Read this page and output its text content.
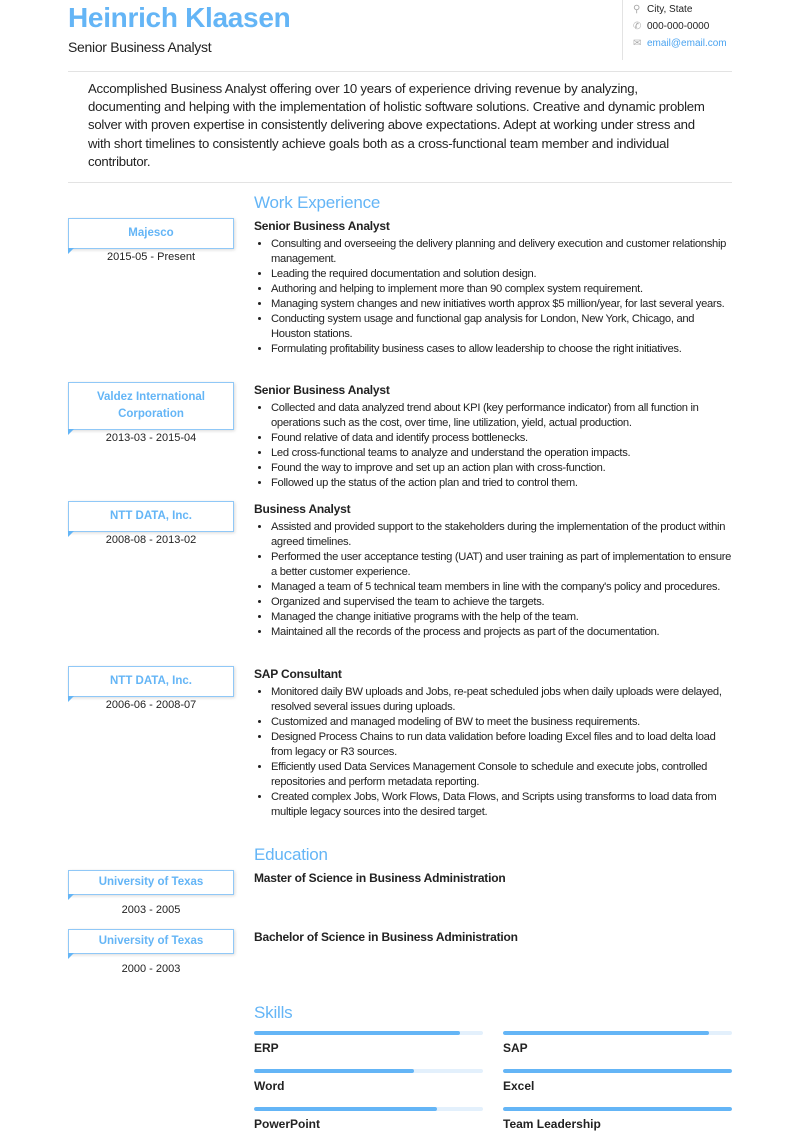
Heinrich Klaasen
Senior Business Analyst
⚲ City, State
✆ 000-000-0000
✉ email@email.com
Accomplished Business Analyst offering over 10 years of experience driving revenue by analyzing, documenting and helping with the implementation of holistic software solutions. Creative and dynamic problem solver with proven expertise in consistently delivering above expectations. Adept at working under stress and with short timelines to consistently achieve goals both as a cross-functional team member and individual contributor.
Work Experience
Majesco
2015-05 - Present
Senior Business Analyst
• Consulting and overseeing the delivery planning and delivery execution and customer relationship management.
• Leading the required documentation and solution design.
• Authoring and helping to implement more than 90 complex system requirement.
• Managing system changes and new initiatives worth approx $5 million/year, for last several years.
• Conducting system usage and functional gap analysis for London, New York, Chicago, and Houston stations.
• Formulating profitability business cases to allow leadership to choose the right initiatives.
Valdez International Corporation
2013-03 - 2015-04
Senior Business Analyst
• Collected and data analyzed trend about KPI (key performance indicator) from all function in operations such as the cost, over time, line utilization, yield, actual production.
• Found relative of data and identify process bottlenecks.
• Led cross-functional teams to analyze and understand the operation impacts.
• Found the way to improve and set up an action plan with cross-function.
• Followed up the status of the action plan and tried to control them.
NTT DATA, Inc.
2008-08 - 2013-02
Business Analyst
• Assisted and provided support to the stakeholders during the implementation of the product within agreed timelines.
• Performed the user acceptance testing (UAT) and user training as part of implementation to ensure a better customer experience.
• Managed a team of 5 technical team members in line with the company's policy and procedures.
• Organized and supervised the team to achieve the targets.
• Managed the change initiative programs with the help of the team.
• Maintained all the records of the process and projects as part of the documentation.
NTT DATA, Inc.
2006-06 - 2008-07
SAP Consultant
• Monitored daily BW uploads and Jobs, re-peat scheduled jobs when daily uploads were delayed, resolved several issues during uploads.
• Customized and managed modeling of BW to meet the business requirements.
• Designed Process Chains to run data validation before loading Excel files and to load delta load from legacy or R3 sources.
• Efficiently used Data Services Management Console to schedule and execute jobs, controlled repositories and perform metadata reporting.
• Created complex Jobs, Work Flows, Data Flows, and Scripts using transforms to load data from multiple legacy sources into the desired target.
Education
University of Texas
2003 - 2005
Master of Science in Business Administration
University of Texas
2000 - 2003
Bachelor of Science in Business Administration
Skills
ERP	SAP
Word	Excel
PowerPoint	Team Leadership
